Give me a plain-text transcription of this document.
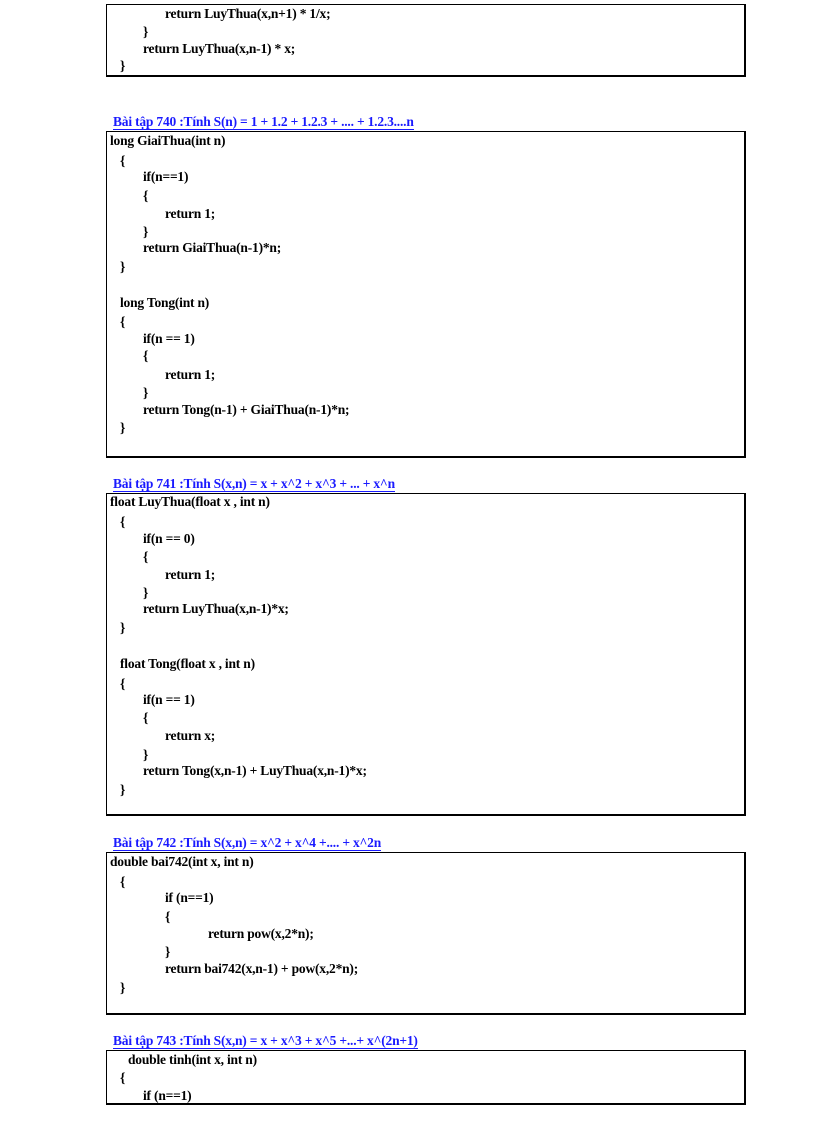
return LuyThua(x,n+1) * 1/x;
}
return LuyThua(x,n-1) * x;
}
Bài tập 740 :Tính S(n) = 1 + 1.2 + 1.2.3 + .... + 1.2.3....n
long GiaiThua(int n)
{
if(n==1)
{
return 1;
}
return GiaiThua(n-1)*n;
}
long Tong(int n)
{
if(n == 1)
{
return 1;
}
return Tong(n-1) + GiaiThua(n-1)*n;
}
Bài tập 741 :Tính S(x,n) = x + x^2 + x^3 + ... + x^n
float LuyThua(float x , int n)
{
if(n == 0)
{
return 1;
}
return LuyThua(x,n-1)*x;
}
float Tong(float x , int n)
{
if(n == 1)
{
return x;
}
return Tong(x,n-1) + LuyThua(x,n-1)*x;
}
Bài tập 742 :Tính S(x,n) = x^2 + x^4 +.... + x^2n
double bai742(int x, int n)
{
if (n==1)
{
return pow(x,2*n);
}
return bai742(x,n-1) + pow(x,2*n);
}
Bài tập 743 :Tính S(x,n) = x + x^3 + x^5 +...+ x^(2n+1)
double tinh(int x, int n)
{
if (n==1)
